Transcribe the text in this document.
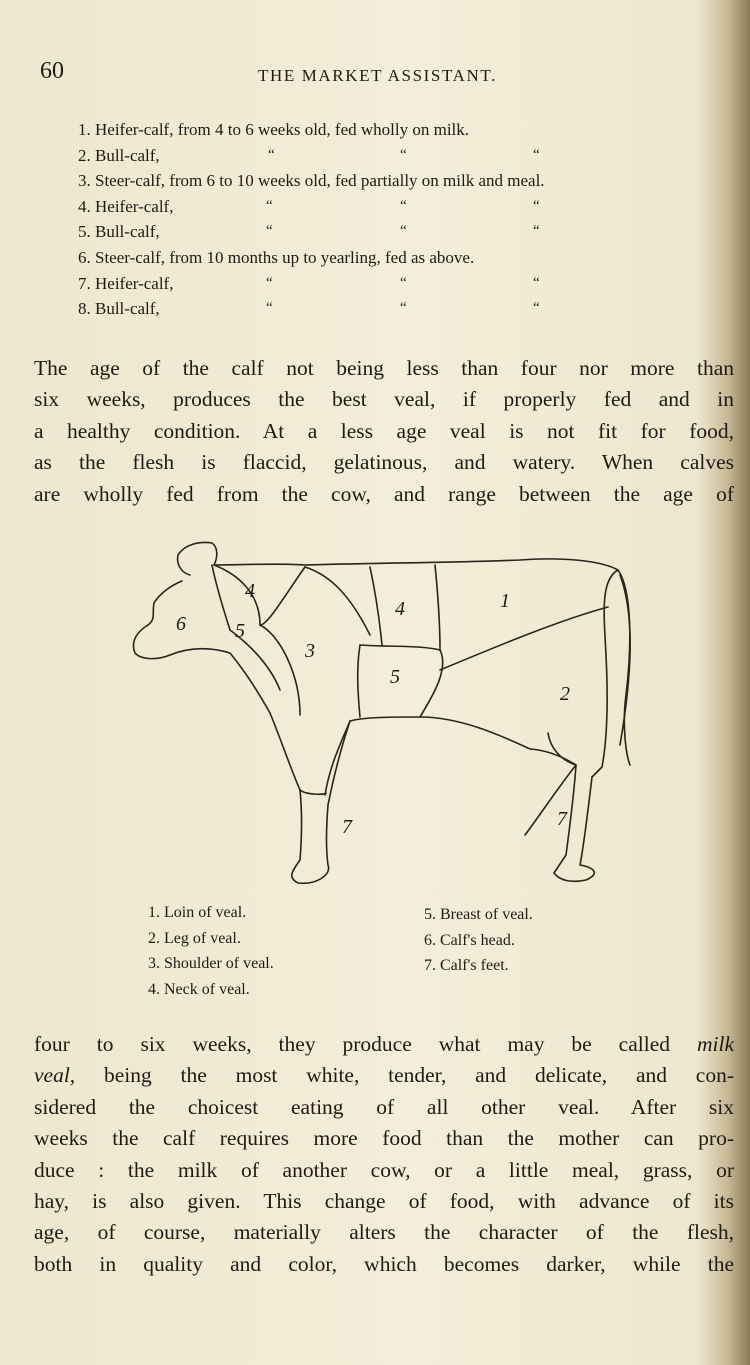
60	THE MARKET ASSISTANT.
1. Heifer-calf, from 4 to 6 weeks old, fed wholly on milk.
2. Bull-calf,	“	“	“
3. Steer-calf, from 6 to 10 weeks old, fed partially on milk and meal.
4. Heifer-calf,	“	“	“
5. Bull-calf,	“	“	“
6. Steer-calf, from 10 months up to yearling, fed as above.
7. Heifer-calf,	“	“	“
8. Bull-calf,	“	“	“
The age of the calf not being less than four nor more than
six weeks, produces the best veal, if properly fed and in
a healthy condition. At a less age veal is not fit for food,
as the flesh is flaccid, gelatinous, and watery. When calves
are wholly fed from the cow, and range between the age of
1
2
3
4
4
5
5
6
7	7
1. Loin of veal.
2. Leg of veal.
3. Shoulder of veal.
4. Neck of veal.
5. Breast of veal.
6. Calf's head.
7. Calf's feet.
four to six weeks, they produce what may be called milk
veal, being the most white, tender, and delicate, and con-
sidered the choicest eating of all other veal. After six
weeks the calf requires more food than the mother can pro-
duce : the milk of another cow, or a little meal, grass, or
hay, is also given. This change of food, with advance of its
age, of course, materially alters the character of the flesh,
both in quality and color, which becomes darker, while the
